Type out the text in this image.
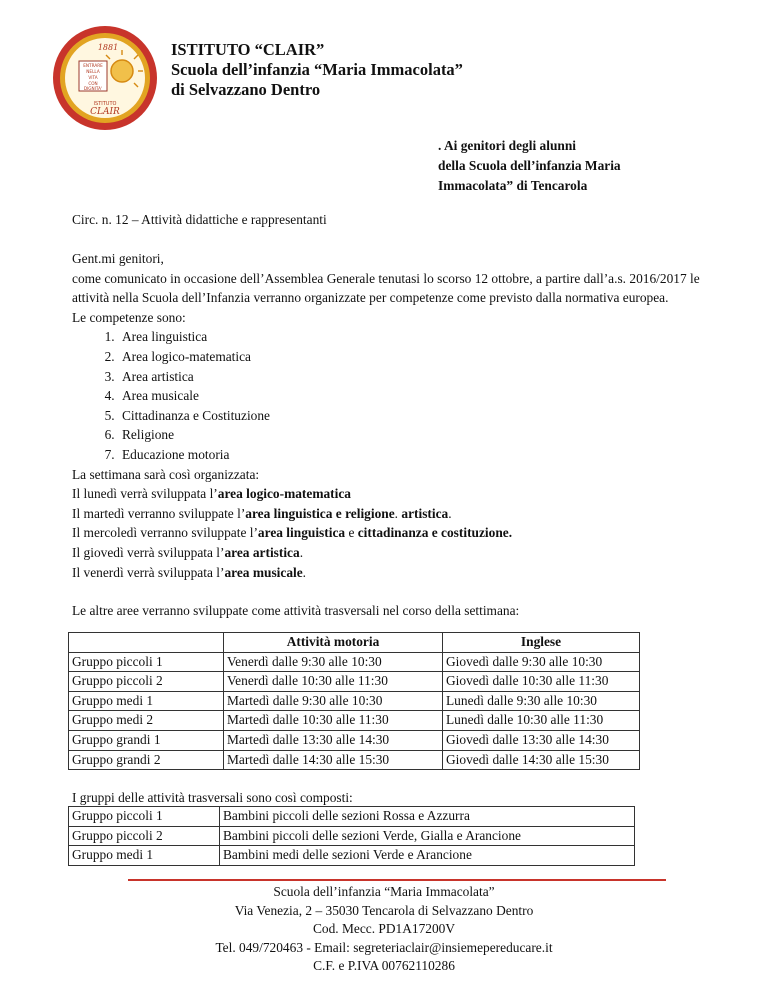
ENTRARE
NELLA
VITA
CON
DIGNITA'
1881
ISTITUTO
CLAIR
ISTITUTO “CLAIR”
Scuola dell’infanzia “Maria Immacolata”
di Selvazzano Dentro
. Ai genitori degli alunni
della Scuola dell’infanzia Maria
Immacolata” di Tencarola
Circ. n. 12 – Attività didattiche e rappresentanti

Gent.mi genitori,

come comunicato in occasione dell’Assemblea Generale tenutasi lo scorso 12 ottobre, a partire dall’a.s. 2016/2017 le attività nella Scuola dell’Infanzia verranno organizzate per competenze come previsto dalla normativa europea.

Le competenze sono:

1. Area linguistica
2. Area logico-matematica
3. Area artistica
4. Area musicale
5. Cittadinanza e Costituzione
6. Religione
7. Educazione motoria

La settimana sarà così organizzata:

Il lunedì verrà sviluppata l’area logico-matematica

Il martedì verranno sviluppate l’area linguistica e religione. artistica.

Il mercoledì verranno sviluppate l’area linguistica e cittadinanza e costituzione.

Il giovedì verrà sviluppata l’area artistica.

Il venerdì verrà sviluppata l’area musicale.

Le altre aree verranno sviluppate come attività trasversali nel corso della settimana:

	Attività motoria	Inglese
Gruppo piccoli 1	Venerdì dalle 9:30 alle 10:30	Giovedì dalle 9:30 alle 10:30
Gruppo piccoli 2	Venerdì dalle 10:30 alle 11:30	Giovedì dalle 10:30 alle 11:30
Gruppo medi 1	Martedì dalle 9:30 alle 10:30	Lunedì dalle 9:30 alle 10:30
Gruppo medi 2	Martedì dalle 10:30 alle 11:30	Lunedì dalle 10:30 alle 11:30
Gruppo grandi 1	Martedì dalle 13:30 alle 14:30	Giovedì dalle 13:30 alle 14:30
Gruppo grandi 2	Martedì dalle 14:30 alle 15:30	Giovedì dalle 14:30 alle 15:30
I gruppi delle attività trasversali sono così composti:
Gruppo piccoli 1	Bambini piccoli delle sezioni Rossa e Azzurra
Gruppo piccoli 2	Bambini piccoli delle sezioni Verde, Gialla e Arancione
Gruppo medi 1	Bambini medi delle sezioni Verde e Arancione
Scuola dell’infanzia “Maria Immacolata”
Via Venezia, 2 – 35030 Tencarola di Selvazzano Dentro
Cod. Mecc. PD1A17200V
Tel. 049/720463 - Email: segreteriaclair@insiemepereducare.it
C.F. e P.IVA 00762110286
